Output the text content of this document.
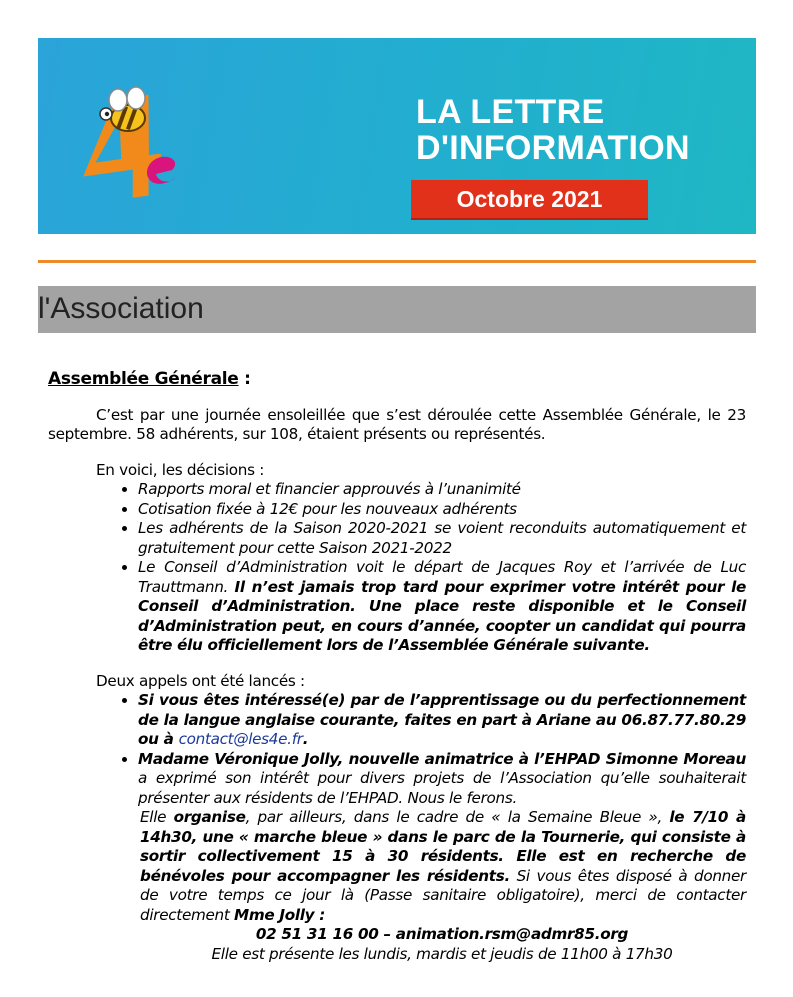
LA LETTRE
D'INFORMATION
Octobre 2021
l'Association
Assemblée Générale :

C’est par une journée ensoleillée que s’est déroulée cette Assemblée Générale, le 23 septembre. 58 adhérents, sur 108, étaient présents ou représentés.

En voici, les décisions :

• Rapports moral et financier approuvés à l’unanimité
• Cotisation fixée à 12€ pour les nouveaux adhérents
• Les adhérents de la Saison 2020-2021 se voient reconduits automatiquement et gratuitement pour cette Saison 2021-2022
• Le Conseil d’Administration voit le départ de Jacques Roy et l’arrivée de Luc Trauttmann. Il n’est jamais trop tard pour exprimer votre intérêt pour le Conseil d’Administration. Une place reste disponible et le Conseil d’Administration peut, en cours d’année, coopter un candidat qui pourra être élu officiellement lors de l’Assemblée Générale suivante.

Deux appels ont été lancés :

• Si vous êtes intéressé(e) par de l’apprentissage ou du perfectionnement de la langue anglaise courante, faites en part à Ariane au 06.87.77.80.29 ou à contact@les4e.fr.
• Madame Véronique Jolly, nouvelle animatrice à l’EHPAD Simonne Moreau a exprimé son intérêt pour divers projets de l’Association qu’elle souhaiterait présenter aux résidents de l’EHPAD. Nous le ferons.

Elle organise, par ailleurs, dans le cadre de « la Semaine Bleue », le 7/10 à 14h30, une « marche bleue » dans le parc de la Tournerie, qui consiste à sortir collectivement 15 à 30 résidents. Elle est en recherche de bénévoles pour accompagner les résidents. Si vous êtes disposé à donner de votre temps ce jour là (Passe sanitaire obligatoire), merci de contacter directement Mme Jolly :

02 51 31 16 00 – animation.rsm@admr85.org

Elle est présente les lundis, mardis et jeudis de 11h00 à 17h30
